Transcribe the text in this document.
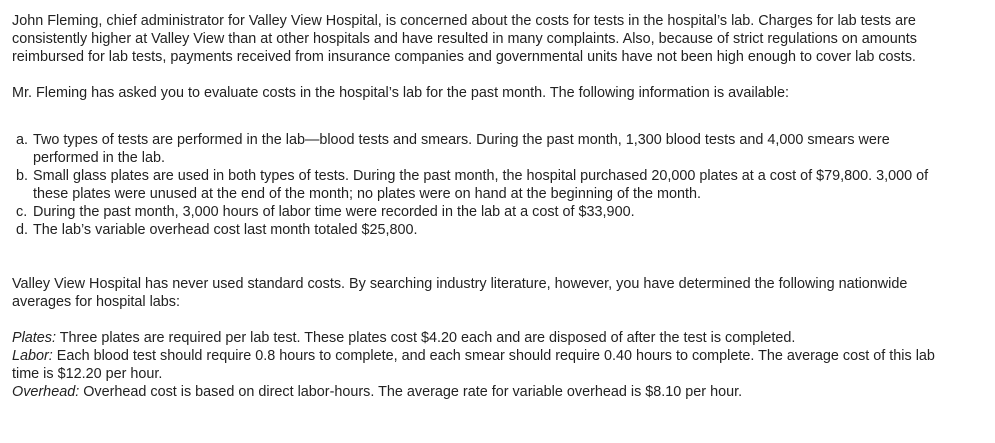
John Fleming, chief administrator for Valley View Hospital, is concerned about the costs for tests in the hospital’s lab. Charges for lab tests are consistently higher at Valley View than at other hospitals and have resulted in many complaints. Also, because of strict regulations on amounts reimbursed for lab tests, payments received from insurance companies and governmental units have not been high enough to cover lab costs.

Mr. Fleming has asked you to evaluate costs in the hospital’s lab for the past month. The following information is available:

a. Two types of tests are performed in the lab—blood tests and smears. During the past month, 1,300 blood tests and 4,000 smears were performed in the lab.
b. Small glass plates are used in both types of tests. During the past month, the hospital purchased 20,000 plates at a cost of $79,800. 3,000 of these plates were unused at the end of the month; no plates were on hand at the beginning of the month.
c. During the past month, 3,000 hours of labor time were recorded in the lab at a cost of $33,900.
d. The lab’s variable overhead cost last month totaled $25,800.

Valley View Hospital has never used standard costs. By searching industry literature, however, you have determined the following nationwide averages for hospital labs:

Plates: Three plates are required per lab test. These plates cost $4.20 each and are disposed of after the test is completed.

Labor: Each blood test should require 0.8 hours to complete, and each smear should require 0.40 hours to complete. The average cost of this lab time is $12.20 per hour.

Overhead: Overhead cost is based on direct labor-hours. The average rate for variable overhead is $8.10 per hour.
